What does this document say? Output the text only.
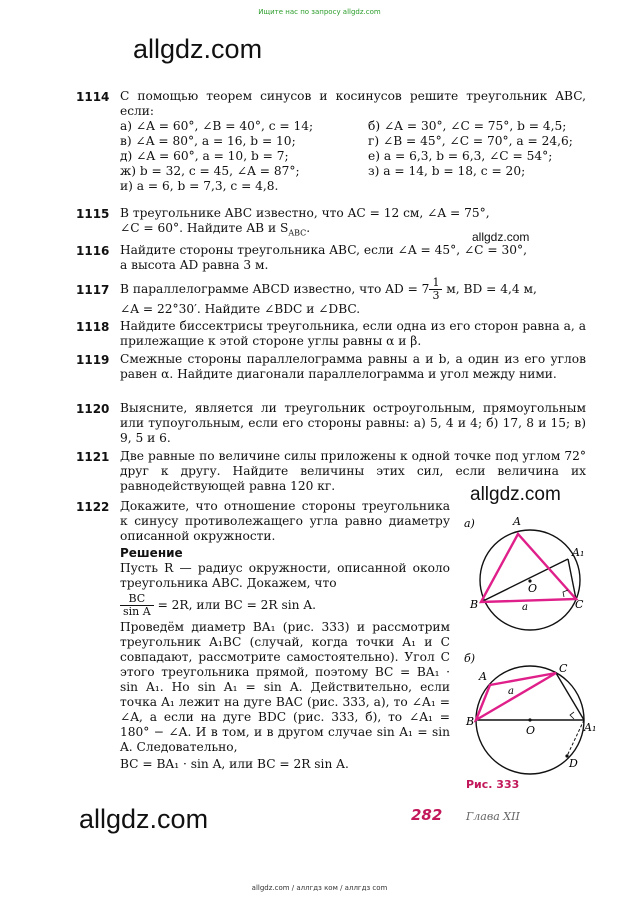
Ищите нас по запросу allgdz.com
allgdz.com
1114 С помощью теорем синусов и косинусов решите треугольник ABC, если:
а) ∠A = 60°, ∠B = 40°, c = 14;	б) ∠A = 30°, ∠C = 75°, b = 4,5;
в) ∠A = 80°, a = 16, b = 10;	г) ∠B = 45°, ∠C = 70°, a = 24,6;
д) ∠A = 60°, a = 10, b = 7;	е) a = 6,3, b = 6,3, ∠C = 54°;
ж) b = 32, c = 45, ∠A = 87°;	з) a = 14, b = 18, c = 20;
и) a = 6, b = 7,3, c = 4,8.
1115 В треугольнике ABC известно, что AC = 12 см, ∠A = 75°,
∠C = 60°. Найдите AB и $S_{ABC}$.
allgdz.com
1116 Найдите стороны треугольника ABC, если ∠A = 45°, ∠C = 30°,
а высота AD равна 3 м.
1117 В параллелограмме ABCD известно, что AD = $7 \frac{1}{3} м$, BD = 4,4 м,
∠A = 22°30′. Найдите ∠BDC и ∠DBC.
1118 Найдите биссектрисы треугольника, если одна из его сторон равна a, а прилежащие к этой стороне углы равны α и β.
1119 Смежные стороны параллелограмма равны a и b, а один из его углов равен α. Найдите диагонали параллелограмма и угол между ними.
1120 Выясните, является ли треугольник остроугольным, прямоугольным или тупоугольным, если его стороны равны: а) 5, 4 и 4; б) 17, 8 и 15; в) 9, 5 и 6.
1121 Две равные по величине силы приложены к одной точке под углом 72° друг к другу. Найдите величины этих сил, если величина их равнодействующей равна 120 кг.	allgdz.com
1122 Докажите, что отношение стороны треугольника к синусу противолежащего угла равно диаметру описанной окружности.
Решение
Пусть R — радиус окружности, описанной около треугольника ABC. Докажем, что
$\frac{BC}{\text{sin A}} = 2R$, или BC = 2R sin A.
Проведём диаметр BA₁ (рис. 333) и рассмотрим треугольник A₁BC (случай, когда точки A₁ и C совпадают, рассмотрите самостоятельно). Угол C этого треугольника прямой, поэтому BC = BA₁ · sin A₁. Но sin A₁ = sin A. Действительно, если точка A₁ лежит на дуге BAC (рис. 333, а), то ∠A₁ = ∠A, а если на дуге BDC (рис. 333, б), то ∠A₁ = 180° − ∠A. И в том, и в другом случае sin A₁ = sin A. Следовательно,
BC = BA₁ · sin A, или BC = 2R sin A.
а)	A
A₁
B	C
O
a
б)
A
C
B
O	A₁
D
a
Рис. 333
allgdz.com	282 Глава XII
allgdz.com / аллгдз ком / аллгдз com
